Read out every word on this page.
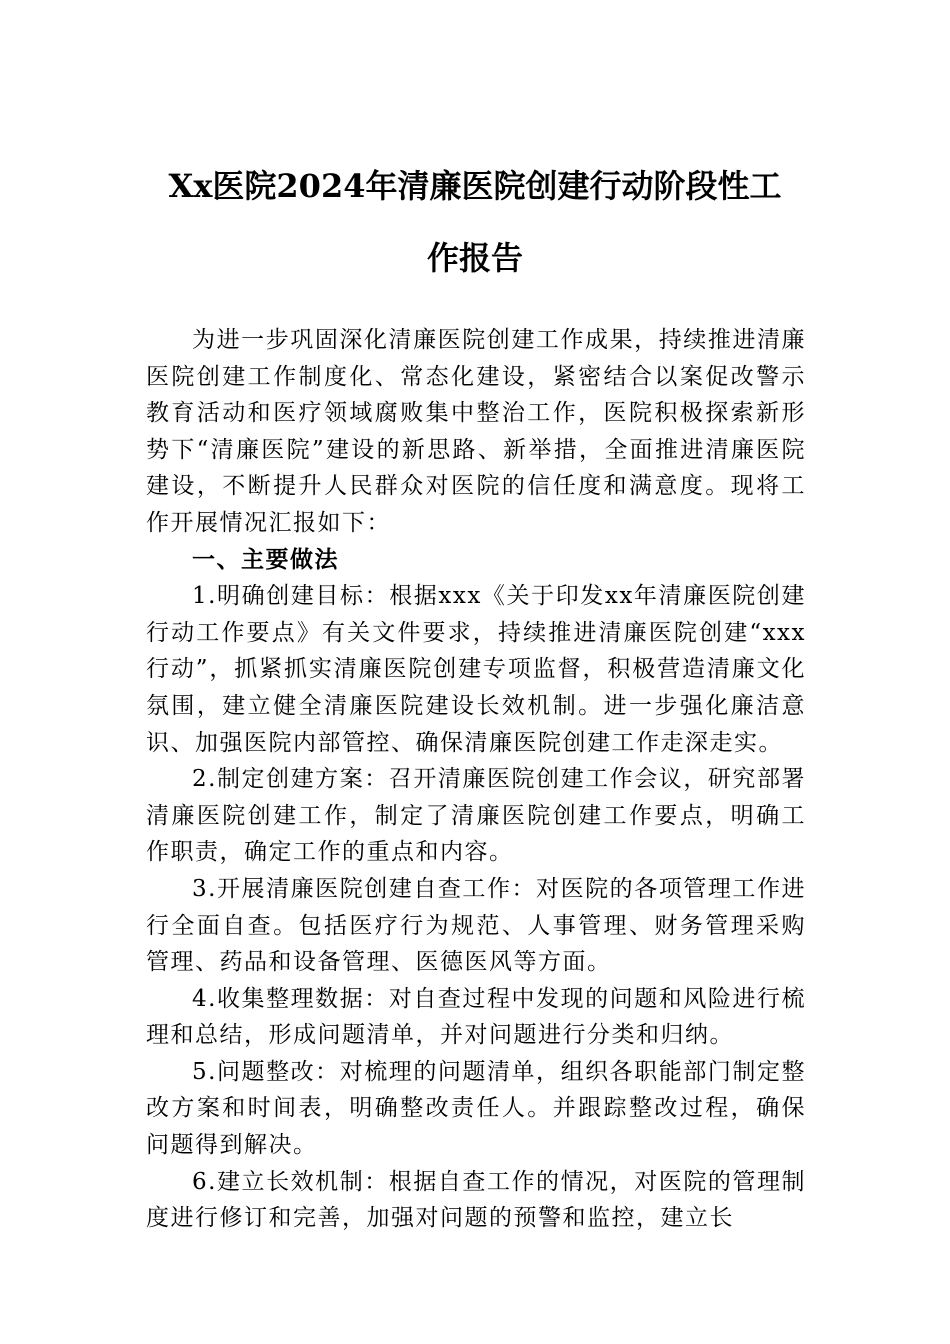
Xx医院2024年清廉医院创建行动阶段性工
作报告

为进一步巩固深化清廉医院创建工作成果，持续推进清廉医院创建工作制度化、常态化建设，紧密结合以案促改警示教育活动和医疗领域腐败集中整治工作，医院积极探索新形势下“清廉医院”建设的新思路、新举措，全面推进清廉医院建设，不断提升人民群众对医院的信任度和满意度。现将工作开展情况汇报如下：

一、主要做法

1.明确创建目标：根据xxx《关于印发xx年清廉医院创建行动工作要点》有关文件要求，持续推进清廉医院创建“xxx行动”，抓紧抓实清廉医院创建专项监督，积极营造清廉文化氛围，建立健全清廉医院建设长效机制。进一步强化廉洁意识、加强医院内部管控、确保清廉医院创建工作走深走实。

2.制定创建方案：召开清廉医院创建工作会议，研究部署清廉医院创建工作，制定了清廉医院创建工作要点，明确工作职责，确定工作的重点和内容。

3.开展清廉医院创建自查工作：对医院的各项管理工作进行全面自查。包括医疗行为规范、人事管理、财务管理采购管理、药品和设备管理、医德医风等方面。

4.收集整理数据：对自查过程中发现的问题和风险进行梳理和总结，形成问题清单，并对问题进行分类和归纳。

5.问题整改：对梳理的问题清单，组织各职能部门制定整改方案和时间表，明确整改责任人。并跟踪整改过程，确保问题得到解决。

6.建立长效机制：根据自查工作的情况，对医院的管理制度进行修订和完善，加强对问题的预警和监控，建立长
